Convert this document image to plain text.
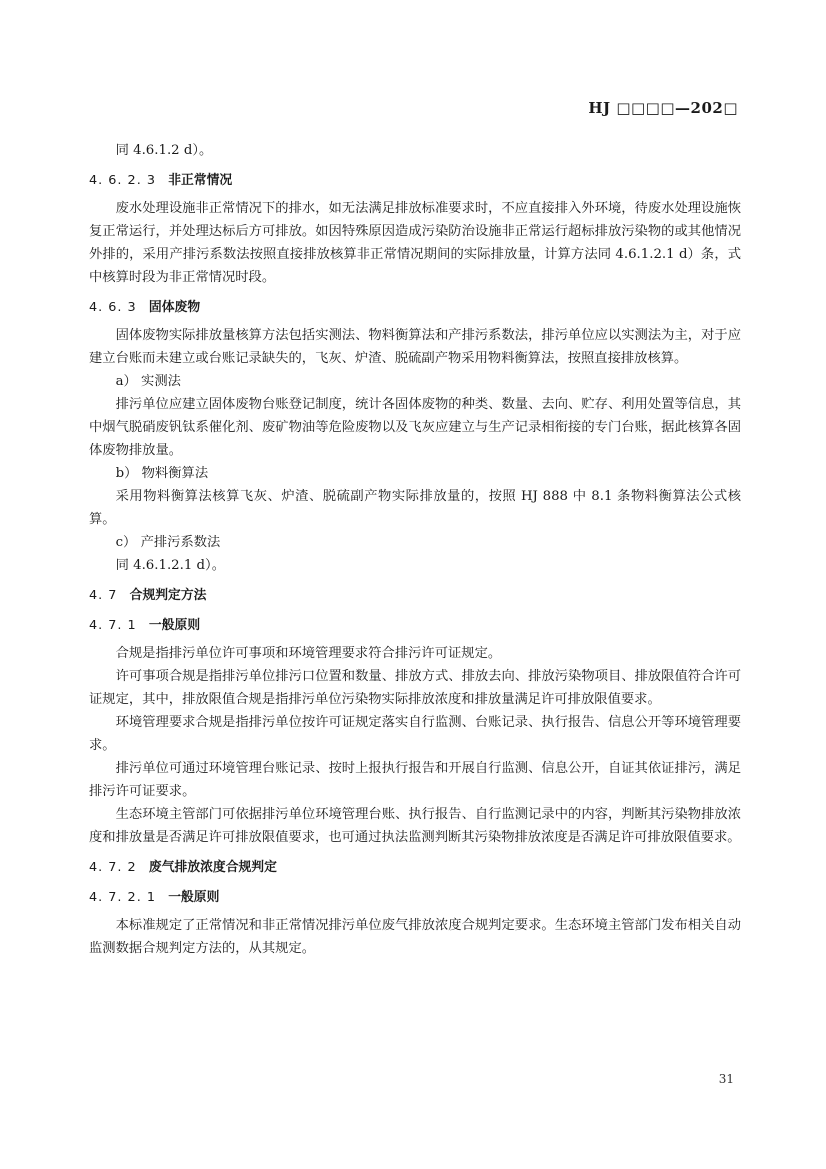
HJ □□□□—202□

同 4.6.1.2 d）。

4. 6. 2. 3 非正常情况

废水处理设施非正常情况下的排水，如无法满足排放标准要求时，不应直接排入外环境，待废水处理设施恢复正常运行，并处理达标后方可排放。如因特殊原因造成污染防治设施非正常运行超标排放污染物的或其他情况外排的，采用产排污系数法按照直接排放核算非正常情况期间的实际排放量，计算方法同 4.6.1.2.1 d）条，式中核算时段为非正常情况时段。

4. 6. 3 固体废物

固体废物实际排放量核算方法包括实测法、物料衡算法和产排污系数法，排污单位应以实测法为主，对于应建立台账而未建立或台账记录缺失的，飞灰、炉渣、脱硫副产物采用物料衡算法，按照直接排放核算。

a） 实测法

排污单位应建立固体废物台账登记制度，统计各固体废物的种类、数量、去向、贮存、利用处置等信息，其中烟气脱硝废钒钛系催化剂、废矿物油等危险废物以及飞灰应建立与生产记录相衔接的专门台账，据此核算各固体废物排放量。

b） 物料衡算法

采用物料衡算法核算飞灰、炉渣、脱硫副产物实际排放量的，按照 HJ 888 中 8.1 条物料衡算法公式核算。

c） 产排污系数法

同 4.6.1.2.1 d）。

4. 7 合规判定方法
4. 7. 1 一般原则

合规是指排污单位许可事项和环境管理要求符合排污许可证规定。

许可事项合规是指排污单位排污口位置和数量、排放方式、排放去向、排放污染物项目、排放限值符合许可证规定，其中，排放限值合规是指排污单位污染物实际排放浓度和排放量满足许可排放限值要求。

环境管理要求合规是指排污单位按许可证规定落实自行监测、台账记录、执行报告、信息公开等环境管理要求。

排污单位可通过环境管理台账记录、按时上报执行报告和开展自行监测、信息公开，自证其依证排污，满足排污许可证要求。

生态环境主管部门可依据排污单位环境管理台账、执行报告、自行监测记录中的内容，判断其污染物排放浓度和排放量是否满足许可排放限值要求，也可通过执法监测判断其污染物排放浓度是否满足许可排放限值要求。

4. 7. 2 废气排放浓度合规判定
4. 7. 2. 1 一般原则

本标准规定了正常情况和非正常情况排污单位废气排放浓度合规判定要求。生态环境主管部门发布相关自动监测数据合规判定方法的，从其规定。

31
